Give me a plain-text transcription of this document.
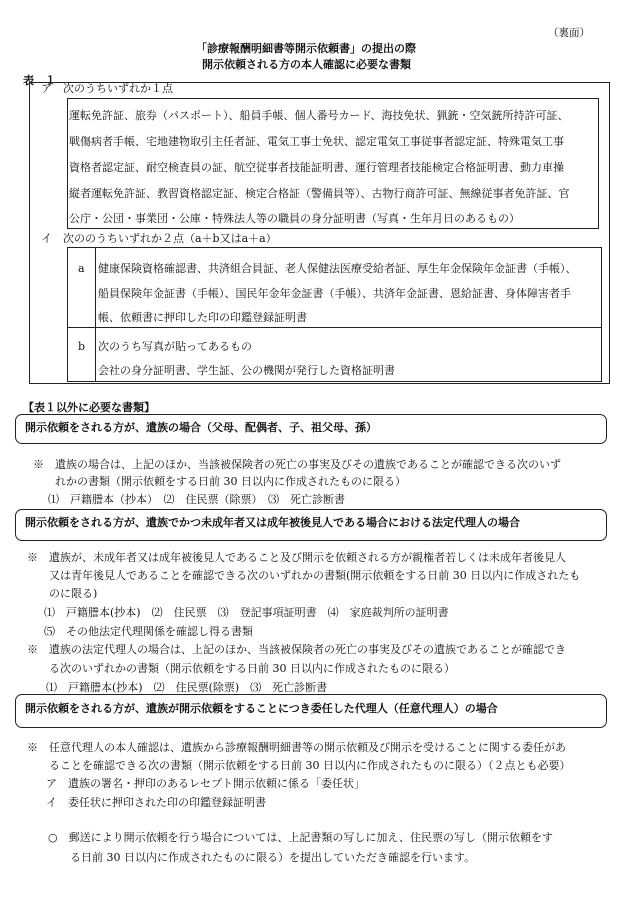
（裏面）
「診療報酬明細書等開示依頼書」の提出の際
開示依頼される方の本人確認に必要な書類
表　１
ア　次のうちいずれか１点
運転免許証、旅券（パスポート）、船員手帳、個人番号カード、海技免状、猟銃・空気銃所持許可証、
戦傷病者手帳、宅地建物取引主任者証、電気工事士免状、認定電気工事従事者認定証、特殊電気工事
資格者認定証、耐空検査員の証、航空従事者技能証明書、運行管理者技能検定合格証明書、動力車操
縦者運転免許証、教習資格認定証、検定合格証（警備員等）、古物行商許可証、無線従事者免許証、官
公庁・公団・事業団・公庫・特殊法人等の職員の身分証明書（写真・生年月日のあるもの）
イ　次ののうちいずれか２点（a＋b又はa＋a）
a 健康保険資格確認書、共済組合員証、老人保健法医療受給者証、厚生年金保険年金証書（手帳）、
船員保険年金証書（手帳）、国民年金年金証書（手帳）、共済年金証書、恩給証書、身体障害者手
帳、依頼書に押印した印の印鑑登録証明書
b 次のうち写真が貼ってあるもの
会社の身分証明書、学生証、公の機関が発行した資格証明書
【表１以外に必要な書類】
開示依頼をされる方が、遺族の場合（父母、配偶者、子、祖父母、孫）
※　遺族の場合は、上記のほか、当該被保険者の死亡の事実及びその遺族であることが確認できる次のいず
　　れかの書類（開示依頼をする日前 30 日以内に作成されたものに限る）
⑴　戸籍謄本（抄本）　⑵　住民票（除票）　⑶　死亡診断書
開示依頼をされる方が、遺族でかつ未成年者又は成年被後見人である場合における法定代理人の場合
※　遺族が、未成年者又は成年被後見人であること及び開示を依頼される方が親権者若しくは未成年者後見人
　　又は青年後見人であることを確認できる次のいずれかの書類(開示依頼をする日前 30 日以内に作成されたも
　　のに限る)
⑴　戸籍謄本(抄本)　⑵　住民票　⑶　登記事項証明書　⑷　家庭裁判所の証明書
⑸　その他法定代理関係を確認し得る書類
※　遺族の法定代理人の場合は、上記のほか、当該被保険者の死亡の事実及びその遺族であることが確認でき
　　る次のいずれかの書類（開示依頼をする日前 30 日以内に作成されたものに限る）
⑴　戸籍謄本(抄本)　⑵　住民票(除票)　⑶　死亡診断書
開示依頼をされる方が、遺族が開示依頼をすることにつき委任した代理人（任意代理人）の場合
※　任意代理人の本人確認は、遺族から診療報酬明細書等の開示依頼及び開示を受けることに関する委任があ
　　ることを確認できる次の書類（開示依頼をする日前 30 日以内に作成されたものに限る）（２点とも必要）
ア　遺族の署名・押印のあるレセプト開示依頼に係る「委任状」
イ　委任状に押印された印の印鑑登録証明書
○　郵送により開示依頼を行う場合については、上記書類の写しに加え、住民票の写し（開示依頼をす
　　る日前 30 日以内に作成されたものに限る）を提出していただき確認を行います。
